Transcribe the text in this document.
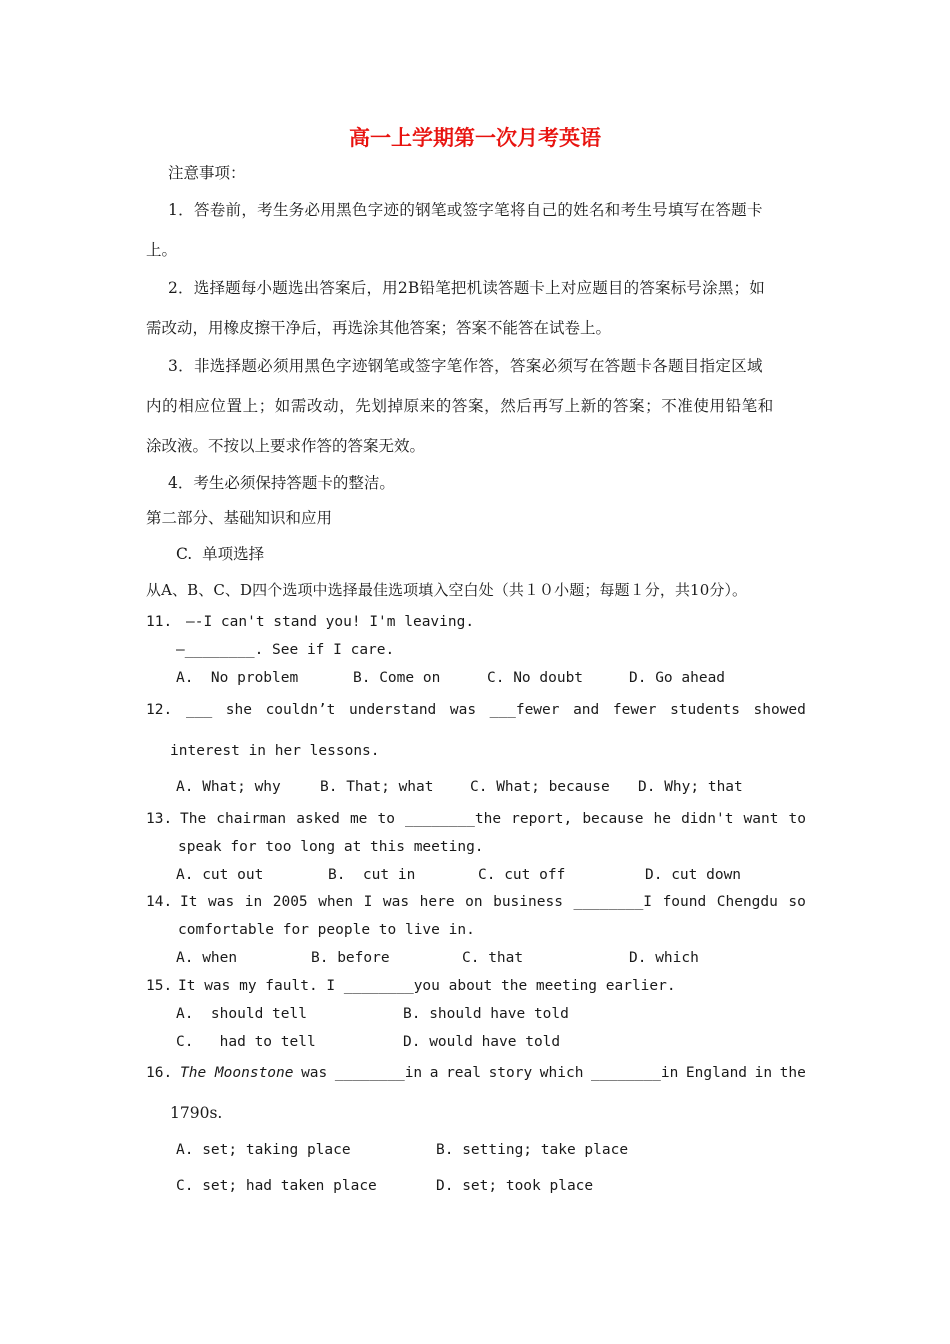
高一上学期第一次月考英语
注意事项：
1．答卷前，考生务必用黑色字迹的钢笔或签字笔将自己的姓名和考生号填写在答题卡
上。
2．选择题每小题选出答案后，用2B铅笔把机读答题卡上对应题目的答案标号涂黑；如
需改动，用橡皮擦干净后，再选涂其他答案；答案不能答在试卷上。
3．非选择题必须用黑色字迹钢笔或签字笔作答，答案必须写在答题卡各题目指定区域
内的相应位置上；如需改动，先划掉原来的答案，然后再写上新的答案；不准使用铅笔和
涂改液。不按以上要求作答的答案无效。
4．考生必须保持答题卡的整洁。
第二部分、基础知识和应用
C.  单项选择
从A、B、C、D四个选项中选择最佳选项填入空白处（共１０小题；每题１分，共10分）。
11. —-I can't stand you! I'm leaving.
—________. See if I care.
A.  No problem	B. Come on	C. No doubt	D. Go ahead
12. ___ she couldn’t understand was ___fewer and fewer students showed
interest in her lessons.
A. What; why	B. That; what	C. What; because D. Why; that
13. The chairman asked me to ________the report, because he didn't want to
speak for too long at this meeting.
A. cut out	B.  cut in	C. cut off	D. cut down
14. It was in 2005 when I was here on business ________I found Chengdu so
comfortable for people to live in.
A. when	B. before	C. that	D. which
15. It was my fault. I ________you about the meeting earlier.
A.  should tell	B. should have told
C.   had to tell	D. would have told
16. The Moonstone was ________in a real story which ________in England in the
1790s.
A. set; taking place	B. setting; take place
C. set; had taken place	D. set; took place
